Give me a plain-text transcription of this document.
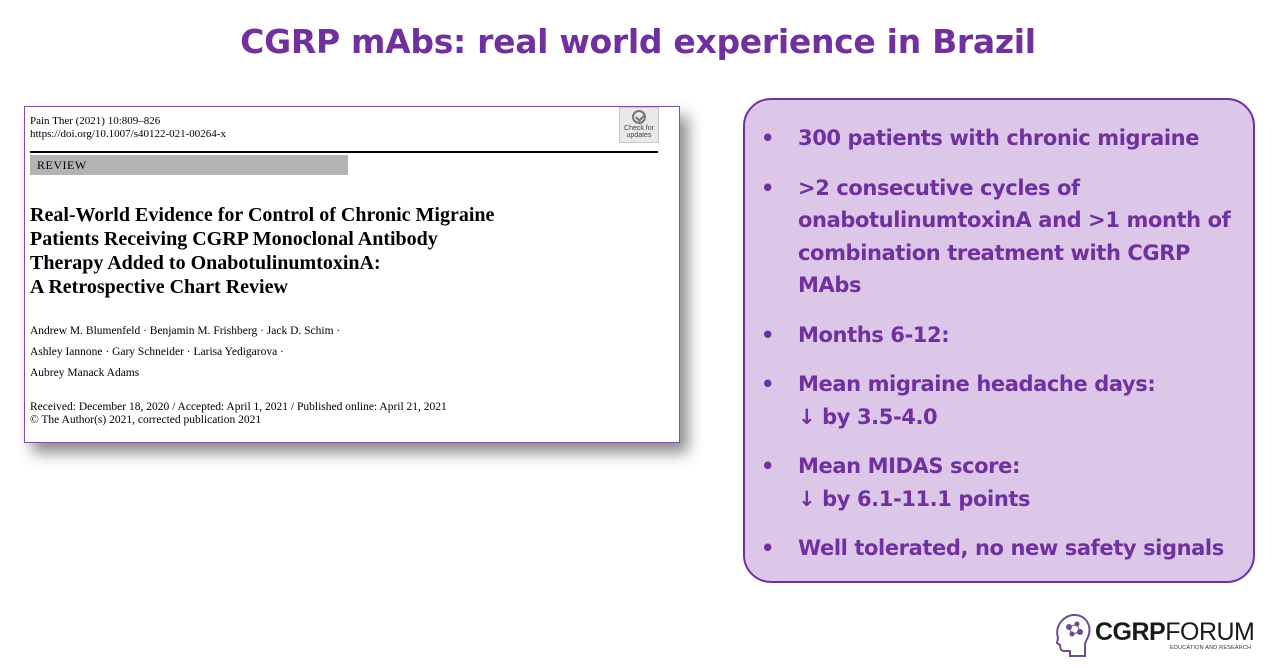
CGRP mAbs: real world experience in Brazil
Pain Ther (2021) 10:809–826
https://doi.org/10.1007/s40122-021-00264-x	Check for
updates
REVIEW
Real-World Evidence for Control of Chronic Migraine
Patients Receiving CGRP Monoclonal Antibody
Therapy Added to OnabotulinumtoxinA:
A Retrospective Chart Review
Andrew M. Blumenfeld · Benjamin M. Frishberg · Jack D. Schim ·
Ashley Iannone · Gary Schneider · Larisa Yedigarova ·
Aubrey Manack Adams
Received: December 18, 2020 / Accepted: April 1, 2021 / Published online: April 21, 2021
© The Author(s) 2021, corrected publication 2021
• 300 patients with chronic migraine
• >2 consecutive cycles of
onabotulinumtoxinA and >1 month of
combination treatment with CGRP
MAbs
• Months 6-12:
• Mean migraine headache days:
↓ by 3.5-4.0
• Mean MIDAS score:
↓ by 6.1-11.1 points
• Well tolerated, no new safety signals
CGRPFORUM
EDUCATION AND RESEARCH
